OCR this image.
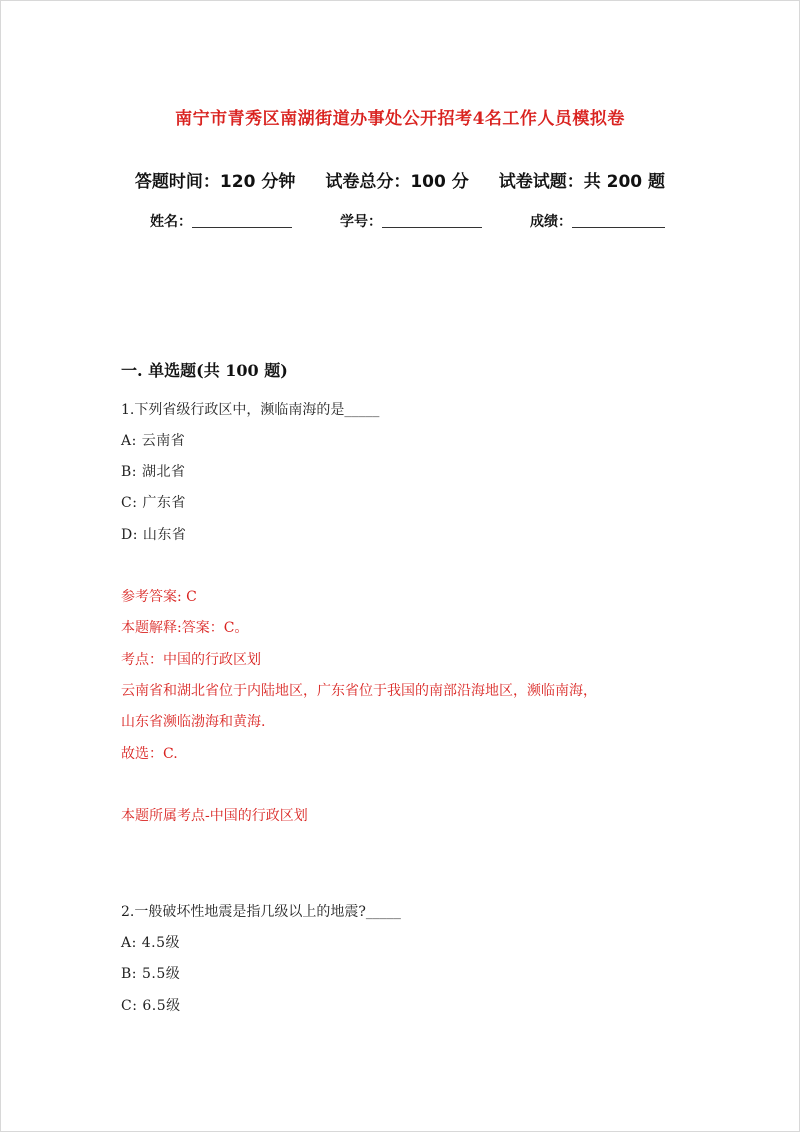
南宁市青秀区南湖街道办事处公开招考4名工作人员模拟卷
答题时间：120 分钟 试卷总分：100 分 试卷试题：共 200 题
姓名：	学号：	成绩：
一. 单选题(共 100 题)
1.下列省级行政区中，濒临南海的是_____
A: 云南省
B: 湖北省
C: 广东省
D: 山东省
参考答案: C
本题解释:答案：C。
考点：中国的行政区划
云南省和湖北省位于内陆地区，广东省位于我国的南部沿海地区，濒临南海，
山东省濒临渤海和黄海.
故选：C.
本题所属考点-中国的行政区划
2.一般破坏性地震是指几级以上的地震?_____
A: 4.5级
B: 5.5级
C: 6.5级
